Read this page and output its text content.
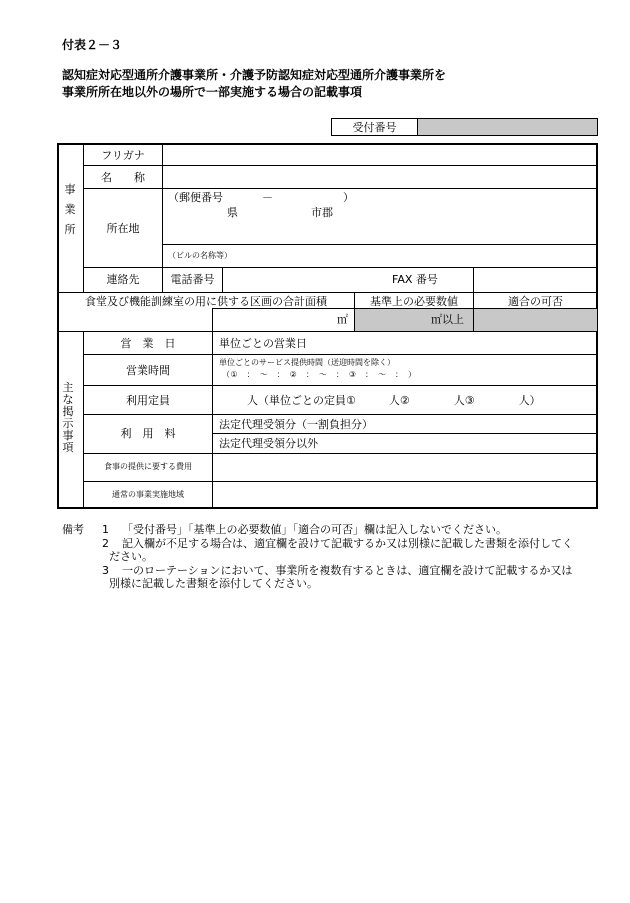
付表２－３
認知症対応型通所介護事業所・介護予防認知症対応型通所介護事業所を
事業所所在地以外の場所で一部実施する場合の記載事項
受付番号
事業所
フリガナ
名　　称
所在地
（郵便番号	－	）
県	市郡
（ビルの名称等）
連絡先	電話番号	FAX 番号
食堂及び機能訓練室の用に供する区画の合計面積	基準上の必要数値	適合の可否
㎡	㎡以上
主な掲示事項
営　業　日	単位ごとの営業日
営業時間
単位ごとのサービス提供時間（送迎時間を除く）
（①　：　～　：　②　：　～　：　③　：　～　：　）
利用定員	人（単位ごとの定員①　　　人②　　　　人③　　　　人）
利　用　料
法定代理受領分（一割負担分）
法定代理受領分以外
食事の提供に要する費用
通常の事業実施地域
備考 1 「受付番号」「基準上の必要数値」「適合の可否」欄は記入しないでください。
2 記入欄が不足する場合は、適宜欄を設けて記載するか又は別様に記載した書類を添付してく
ださい。
3 一のローテーションにおいて、事業所を複数有するときは、適宜欄を設けて記載するか又は
別様に記載した書類を添付してください。
